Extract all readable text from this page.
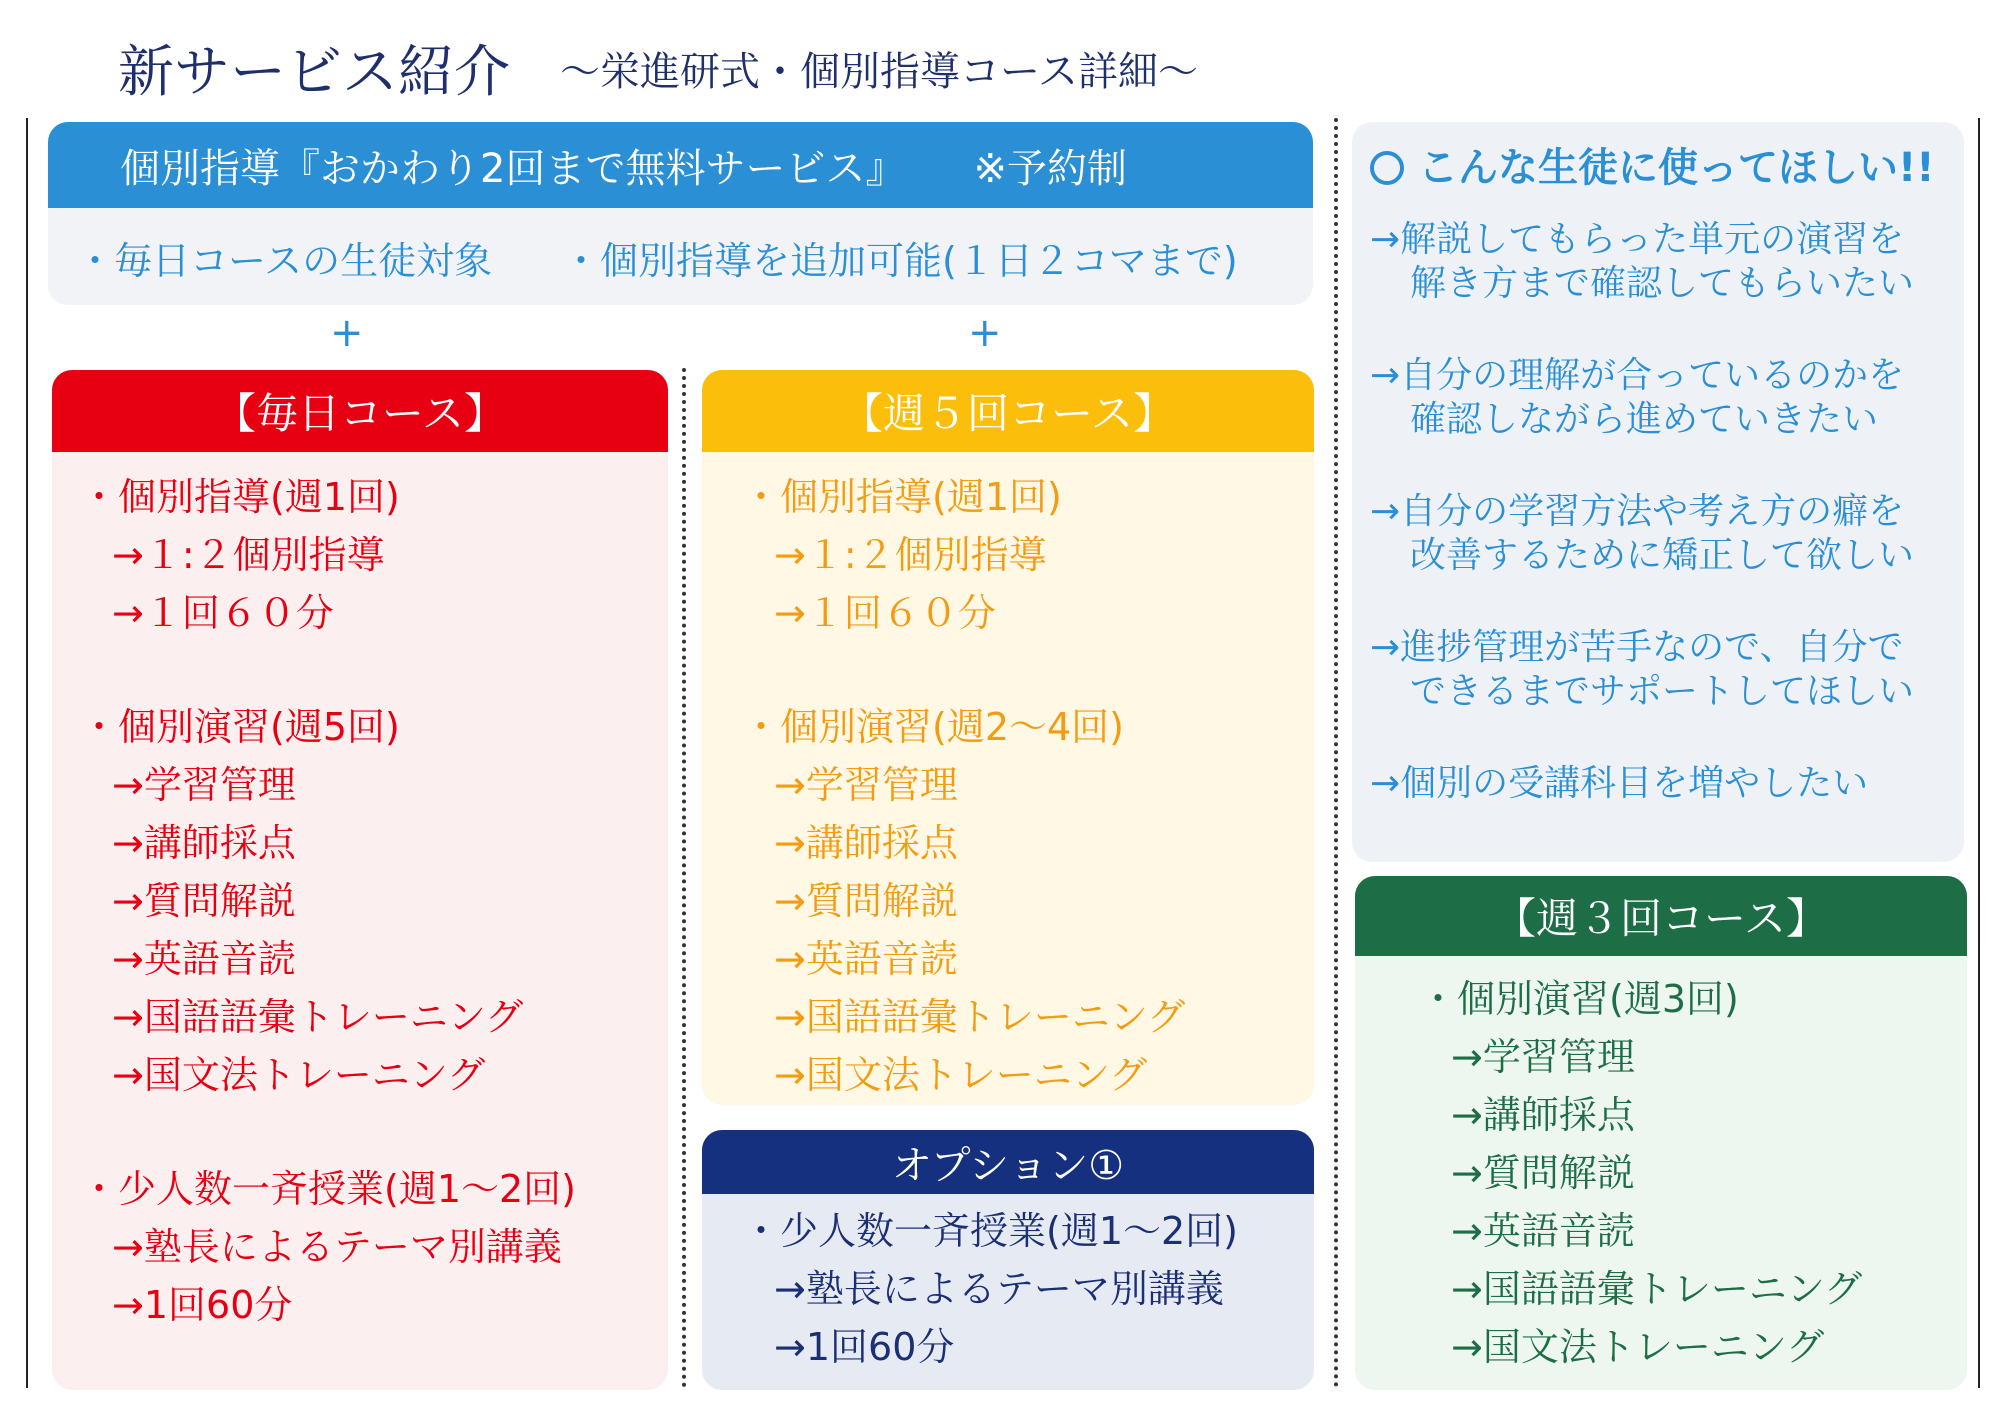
新サービス紹介 ～栄進研式・個別指導コース詳細～
個別指導『おかわり2回まで無料サービス』 ※予約制
・毎日コースの生徒対象 ・個別指導を追加可能(１日２コマまで)
+	+
【毎日コース】
・個別指導(週1回)
→１:２個別指導
→１回６０分
・個別演習(週5回)
→学習管理
→講師採点
→質問解説
→英語音読
→国語語彙トレーニング
→国文法トレーニング
・少人数一斉授業(週1～2回)
→塾長によるテーマ別講義
→1回60分
【週５回コース】
・個別指導(週1回)
→１:２個別指導
→１回６０分
・個別演習(週2～4回)
→学習管理
→講師採点
→質問解説
→英語音読
→国語語彙トレーニング
→国文法トレーニング
オプション①
・少人数一斉授業(週1～2回)
→塾長によるテーマ別講義
→1回60分
こんな生徒に使ってほしい!!
→解説してもらった単元の演習を
解き方まで確認してもらいたい
→自分の理解が合っているのかを
確認しながら進めていきたい
→自分の学習方法や考え方の癖を
改善するために矯正して欲しい
→進捗管理が苦手なので、自分で
できるまでサポートしてほしい
→個別の受講科目を増やしたい
【週３回コース】
・個別演習(週3回)
→学習管理
→講師採点
→質問解説
→英語音読
→国語語彙トレーニング
→国文法トレーニング
